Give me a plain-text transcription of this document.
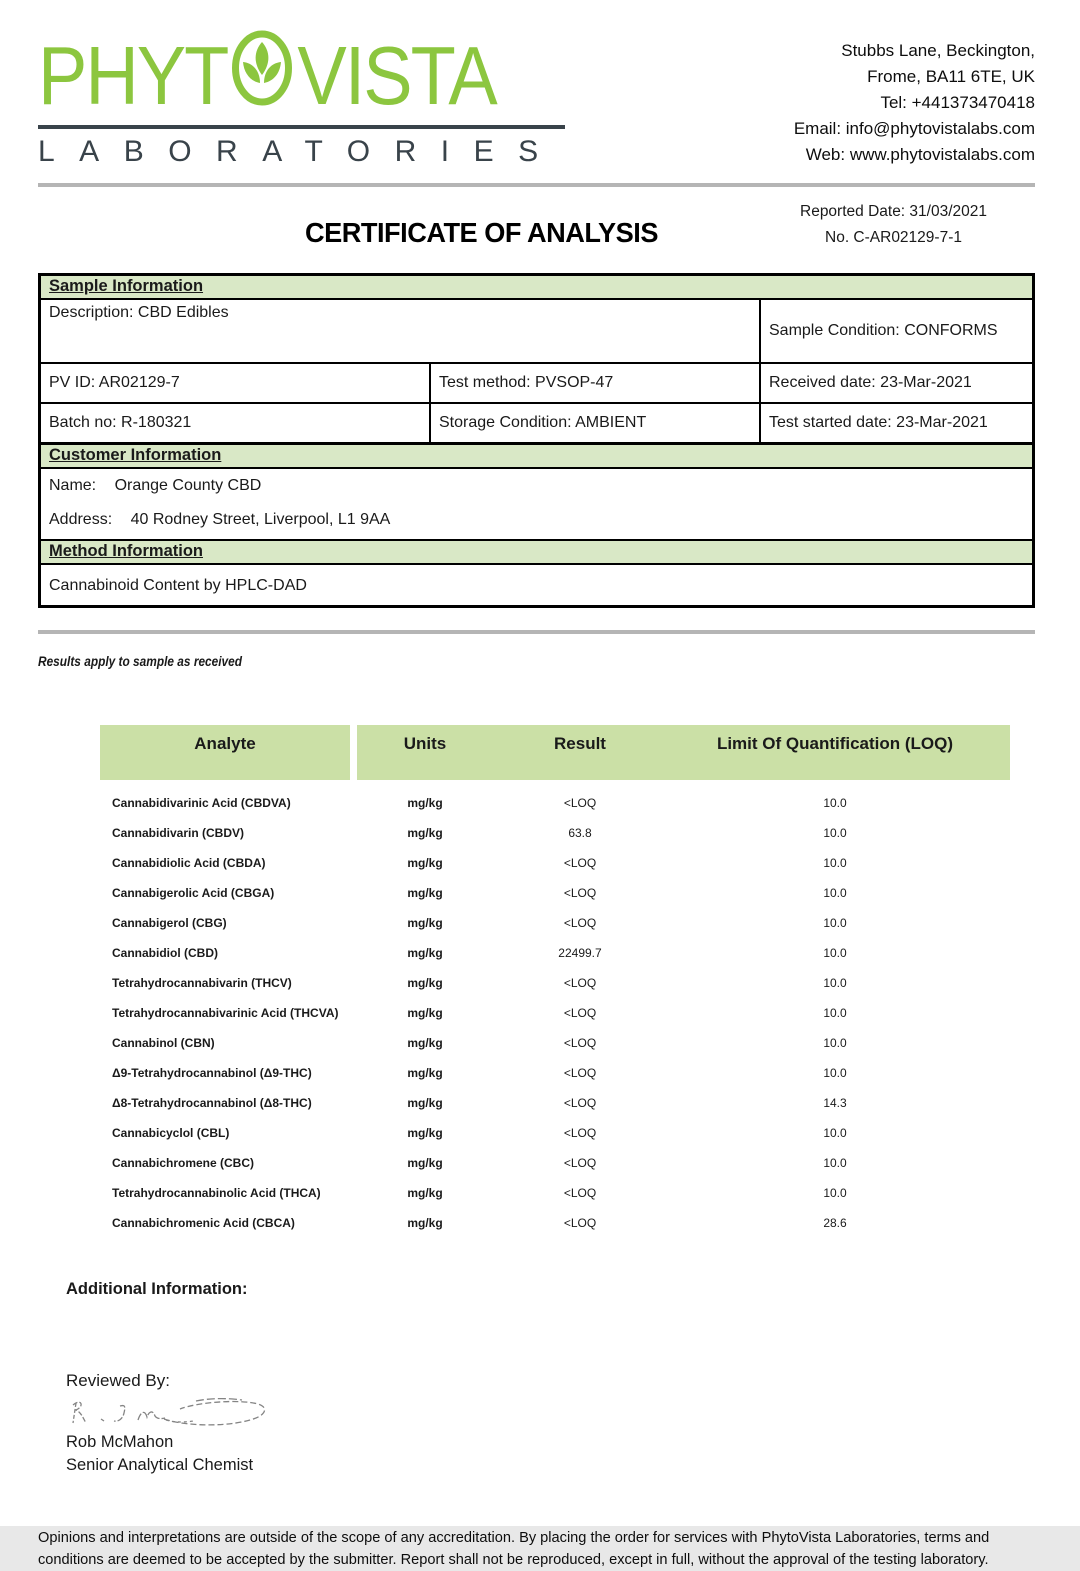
PHYT VISTA
LABORATORIES
Stubbs Lane, Beckington,
Frome, BA11 6TE, UK
Tel: +441373470418
Email: info@phytovistalabs.com
Web: www.phytovistalabs.com
Reported Date: 31/03/2021
No. C-AR02129-7-1
CERTIFICATE OF ANALYSIS
Sample Information
Description: CBD Edibles
Sample Condition: CONFORMS
PV ID: AR02129-7	Test method: PVSOP-47	Received date: 23-Mar-2021
Batch no: R-180321	Storage Condition: AMBIENT	Test started date: 23-Mar-2021
Customer Information
Name: Orange County CBD
Address: 40 Rodney Street, Liverpool, L1 9AA
Method Information
Cannabinoid Content by HPLC-DAD
Results apply to sample as received
Analyte	Units	Result	Limit Of Quantification (LOQ)
Cannabidivarinic Acid (CBDVA)	mg/kg	<LOQ	10.0
Cannabidivarin (CBDV)	mg/kg	63.8	10.0
Cannabidiolic Acid (CBDA)	mg/kg	<LOQ	10.0
Cannabigerolic Acid (CBGA)	mg/kg	<LOQ	10.0
Cannabigerol (CBG)	mg/kg	<LOQ	10.0
Cannabidiol (CBD)	mg/kg	22499.7	10.0
Tetrahydrocannabivarin (THCV)	mg/kg	<LOQ	10.0
Tetrahydrocannabivarinic Acid (THCVA)	mg/kg	<LOQ	10.0
Cannabinol (CBN)	mg/kg	<LOQ	10.0
Δ9-Tetrahydrocannabinol (Δ9-THC)	mg/kg	<LOQ	10.0
Δ8-Tetrahydrocannabinol (Δ8-THC)	mg/kg	<LOQ	14.3
Cannabicyclol (CBL)	mg/kg	<LOQ	10.0
Cannabichromene (CBC)	mg/kg	<LOQ	10.0
Tetrahydrocannabinolic Acid (THCA)	mg/kg	<LOQ	10.0
Cannabichromenic Acid (CBCA)	mg/kg	<LOQ	28.6
Additional Information:
Reviewed By:
Rob McMahon
Senior Analytical Chemist
Opinions and interpretations are outside of the scope of any accreditation. By placing the order for services with PhytoVista Laboratories, terms and conditions are deemed to be accepted by the submitter. Report shall not be reproduced, except in full, without the approval of the testing laboratory.
